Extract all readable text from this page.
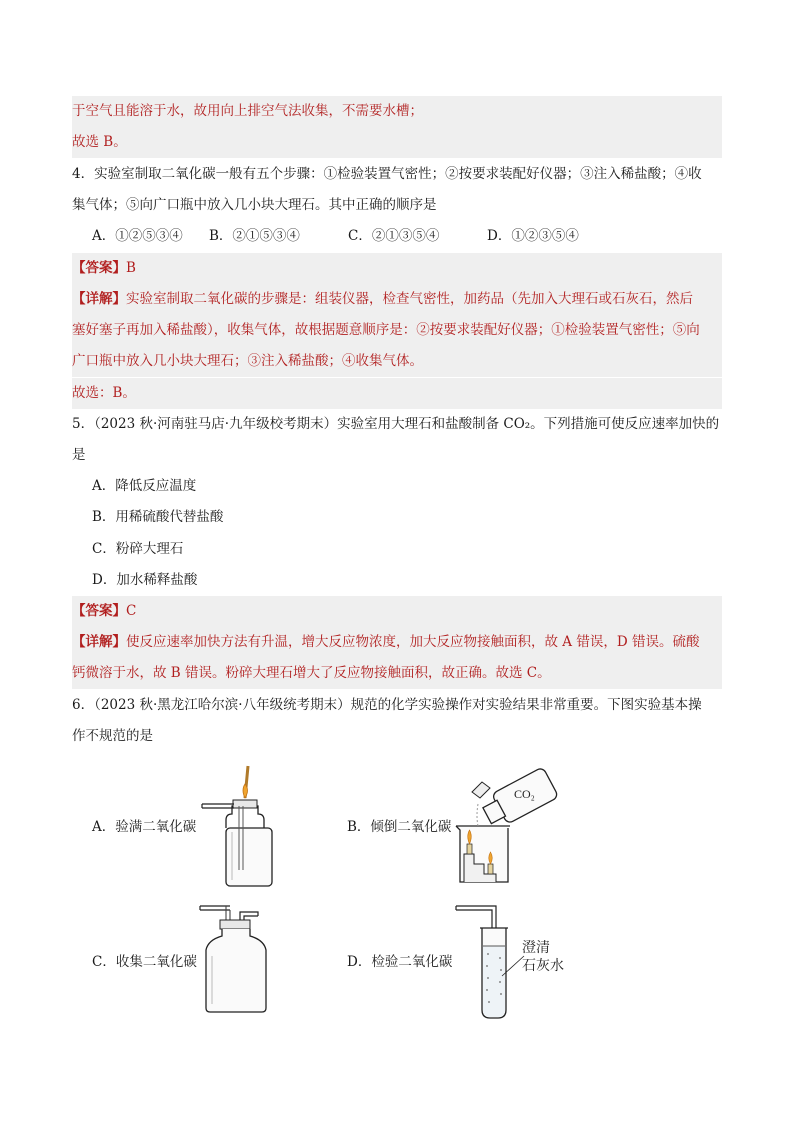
于空气且能溶于水，故用向上排空气法收集，不需要水槽；
故选 B。
4．实验室制取二氧化碳一般有五个步骤：①检验装置气密性；②按要求装配好仪器；③注入稀盐酸；④收
集气体；⑤向广口瓶中放入几小块大理石。其中正确的顺序是
A．①②⑤③④ B．②①⑤③④	C．②①③⑤④	D．①②③⑤④
【答案】B
【详解】实验室制取二氧化碳的步骤是：组装仪器，检查气密性，加药品（先加入大理石或石灰石，然后
塞好塞子再加入稀盐酸），收集气体，故根据题意顺序是：②按要求装配好仪器；①检验装置气密性；⑤向
广口瓶中放入几小块大理石；③注入稀盐酸；④收集气体。
故选：B。
5．（2023 秋·河南驻马店·九年级校考期末）实验室用大理石和盐酸制备 CO₂。下列措施可使反应速率加快的
是
A．降低反应温度
B．用稀硫酸代替盐酸
C．粉碎大理石
D．加水稀释盐酸
【答案】C
【详解】使反应速率加快方法有升温，增大反应物浓度，加大反应物接触面积，故 A 错误，D 错误。硫酸
钙微溶于水，故 B 错误。粉碎大理石增大了反应物接触面积，故正确。故选 C。
6．（2023 秋·黑龙江哈尔滨·八年级统考期末）规范的化学实验操作对实验结果非常重要。下图实验基本操
作不规范的是
A．验满二氧化碳	B．倾倒二氧化碳
C．收集二氧化碳	D．检验二氧化碳
CO₂
澄清
石灰水
